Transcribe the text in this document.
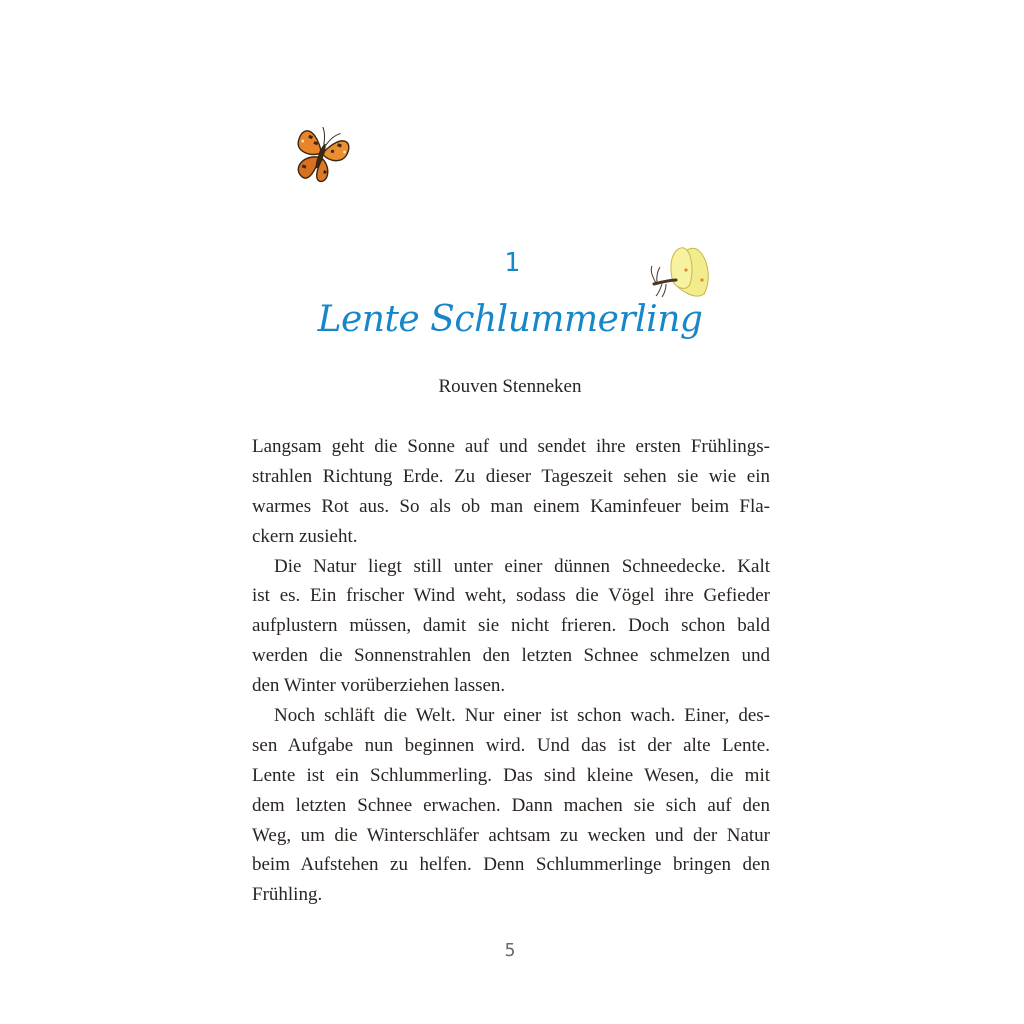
1
Lente Schlummerling
Rouven Stenneken
Langsam geht die Sonne auf und sendet ihre ersten Frühlings-
strahlen Richtung Erde. Zu dieser Tageszeit sehen sie wie ein
warmes Rot aus. So als ob man einem Kaminfeuer beim Fla-
ckern zusieht.
Die Natur liegt still unter einer dünnen Schneedecke. Kalt
ist es. Ein frischer Wind weht, sodass die Vögel ihre Gefieder
aufplustern müssen, damit sie nicht frieren. Doch schon bald
werden die Sonnenstrahlen den letzten Schnee schmelzen und
den Winter vorüberziehen lassen.
Noch schläft die Welt. Nur einer ist schon wach. Einer, des-
sen Aufgabe nun beginnen wird. Und das ist der alte Lente.
Lente ist ein Schlummerling. Das sind kleine Wesen, die mit
dem letzten Schnee erwachen. Dann machen sie sich auf den
Weg, um die Winterschläfer achtsam zu wecken und der Natur
beim Aufstehen zu helfen. Denn Schlummerlinge bringen den
Frühling.
5
